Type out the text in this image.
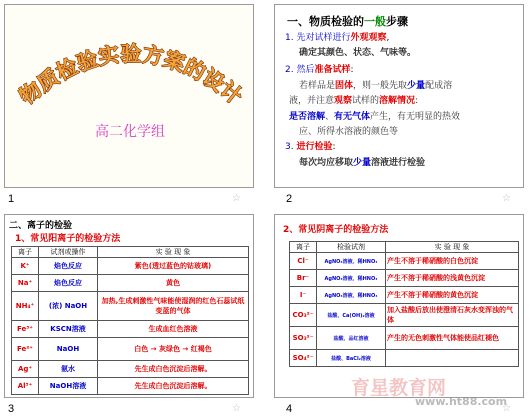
物质检验实验方案的设计
高二化学组
1	☆
一、物质检验的一般步骤
1. 先对试样进行外观观察,
确定其颜色、状态、气味等。
2. 然后准备试样:
若样品是固体，则一般先取少量配成溶
液，并注意观察试样的溶解情况:
是否溶解、有无气体产生，有无明显的热效
应、所得水溶液的颜色等
3. 进行检验:
每次均应移取少量溶液进行检验
2	☆
二、离子的检验
1、常见阳离子的检验方法
离子	试剂或操作	实 验 现 象
K⁺	焰色反应	紫色(透过蓝色的钴玻璃)
Na⁺	焰色反应	黄色
NH₄⁺	(浓) NaOH	加热,生成刺激性气味能使湿润的红色石蕊试纸变蓝的气体
Fe³⁺	KSCN溶液	生成血红色溶液
Fe²⁺	NaOH	白色 → 灰绿色 → 红褐色
Ag⁺	氨水	先生成白色沉淀后溶解。
Al³⁺	NaOH溶液	先生成白色沉淀后溶解。
3	☆
2、常见阴离子的检验方法
离子	检验试剂	实 验 现 象
Cl⁻	AgNO₃溶液、稀HNO₃	产生不溶于稀硝酸的白色沉淀
Br⁻	AgNO₃溶液、稀HNO₃	产生不溶于稀硝酸的浅黄色沉淀
I⁻	AgNO₃溶液、稀HNO₃	产生不溶于稀硝酸的黄色沉淀
CO₃²⁻	盐酸、Ca(OH)₂溶液	加入盐酸后放出使澄清石灰水变浑浊的气体
SO₃²⁻	盐酸、品红溶液	产生的无色刺激性气体能使品红褪色
SO₄²⁻	盐酸、BaCl₂溶液	
育星教育网
www.ht88.com
4	☆
